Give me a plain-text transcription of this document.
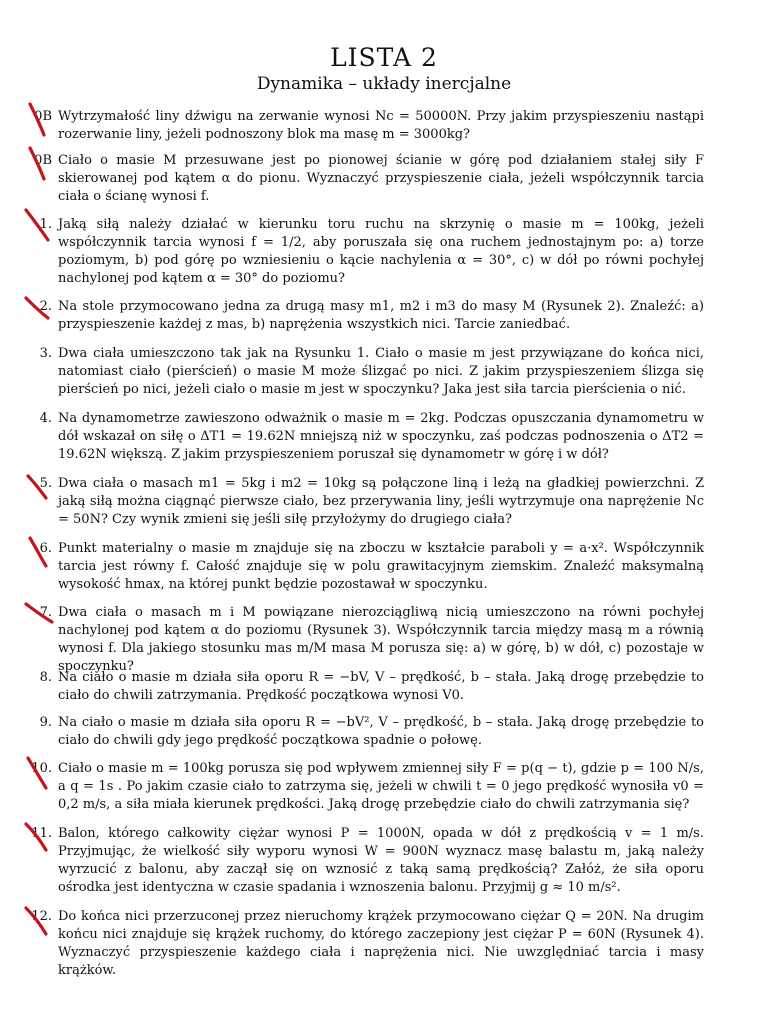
LISTA 2
Dynamika – układy inercjalne
0B Wytrzymałość liny dźwigu na zerwanie wynosi Nc = 50000N. Przy jakim przyspieszeniu nastąpi rozerwanie liny, jeżeli podnoszony blok ma masę m = 3000kg?
0B Ciało o masie M przesuwane jest po pionowej ścianie w górę pod działaniem stałej siły F skierowanej pod kątem α do pionu. Wyznaczyć przyspieszenie ciała, jeżeli współczynnik tarcia ciała o ścianę wynosi f.
1. Jaką siłą należy działać w kierunku toru ruchu na skrzynię o masie m = 100kg, jeżeli współczynnik tarcia wynosi f = 1/2, aby poruszała się ona ruchem jednostajnym po: a) torze poziomym, b) pod górę po wzniesieniu o kącie nachylenia α = 30°, c) w dół po równi pochyłej nachylonej pod kątem α = 30° do poziomu?
2. Na stole przymocowano jedna za drugą masy m1, m2 i m3 do masy M (Rysunek 2). Znaleźć: a) przyspieszenie każdej z mas, b) naprężenia wszystkich nici. Tarcie zaniedbać.
3. Dwa ciała umieszczono tak jak na Rysunku 1. Ciało o masie m jest przywiązane do końca nici, natomiast ciało (pierścień) o masie M może ślizgać po nici. Z jakim przyspieszeniem ślizga się pierścień po nici, jeżeli ciało o masie m jest w spoczynku? Jaka jest siła tarcia pierścienia o nić.
4. Na dynamometrze zawieszono odważnik o masie m = 2kg. Podczas opuszczania dynamometru w dół wskazał on siłę o ΔT1 = 19.62N mniejszą niż w spoczynku, zaś podczas podnoszenia o ΔT2 = 19.62N większą. Z jakim przyspieszeniem poruszał się dynamometr w górę i w dół?
5. Dwa ciała o masach m1 = 5kg i m2 = 10kg są połączone liną i leżą na gładkiej powierzchni. Z jaką siłą można ciągnąć pierwsze ciało, bez przerywania liny, jeśli wytrzymuje ona naprężenie Nc = 50N? Czy wynik zmieni się jeśli siłę przyłożymy do drugiego ciała?
6. Punkt materialny o masie m znajduje się na zboczu w kształcie paraboli y = a·x². Współczynnik tarcia jest równy f. Całość znajduje się w polu grawitacyjnym ziemskim. Znaleźć maksymalną wysokość hmax, na której punkt będzie pozostawał w spoczynku.
7. Dwa ciała o masach m i M powiązane nierozciągliwą nicią umieszczono na równi pochyłej nachylonej pod kątem α do poziomu (Rysunek 3). Współczynnik tarcia między masą m a równią wynosi f. Dla jakiego stosunku mas m/M masa M porusza się: a) w górę, b) w dół, c) pozostaje w spoczynku?
8. Na ciało o masie m działa siła oporu R = −bV, V – prędkość, b – stała. Jaką drogę przebędzie to ciało do chwili zatrzymania. Prędkość początkowa wynosi V0.
9. Na ciało o masie m działa siła oporu R = −bV², V – prędkość, b – stała. Jaką drogę przebędzie to ciało do chwili gdy jego prędkość początkowa spadnie o połowę.
10. Ciało o masie m = 100kg porusza się pod wpływem zmiennej siły F = p(q − t), gdzie p = 100 N/s, a q = 1s . Po jakim czasie ciało to zatrzyma się, jeżeli w chwili t = 0 jego prędkość wynosiła v0 = 0,2 m/s, a siła miała kierunek prędkości. Jaką drogę przebędzie ciało do chwili zatrzymania się?
11. Balon, którego całkowity ciężar wynosi P = 1000N, opada w dół z prędkością v = 1 m/s. Przyjmując, że wielkość siły wyporu wynosi W = 900N wyznacz masę balastu m, jaką należy wyrzucić z balonu, aby zaczął się on wznosić z taką samą prędkością? Załóż, że siła oporu ośrodka jest identyczna w czasie spadania i wznoszenia balonu. Przyjmij g ≈ 10 m/s².
12. Do końca nici przerzuconej przez nieruchomy krążek przymocowano ciężar Q = 20N. Na drugim końcu nici znajduje się krążek ruchomy, do którego zaczepiony jest ciężar P = 60N (Rysunek 4). Wyznaczyć przyspieszenie każdego ciała i naprężenia nici. Nie uwzględniać tarcia i masy krążków.
